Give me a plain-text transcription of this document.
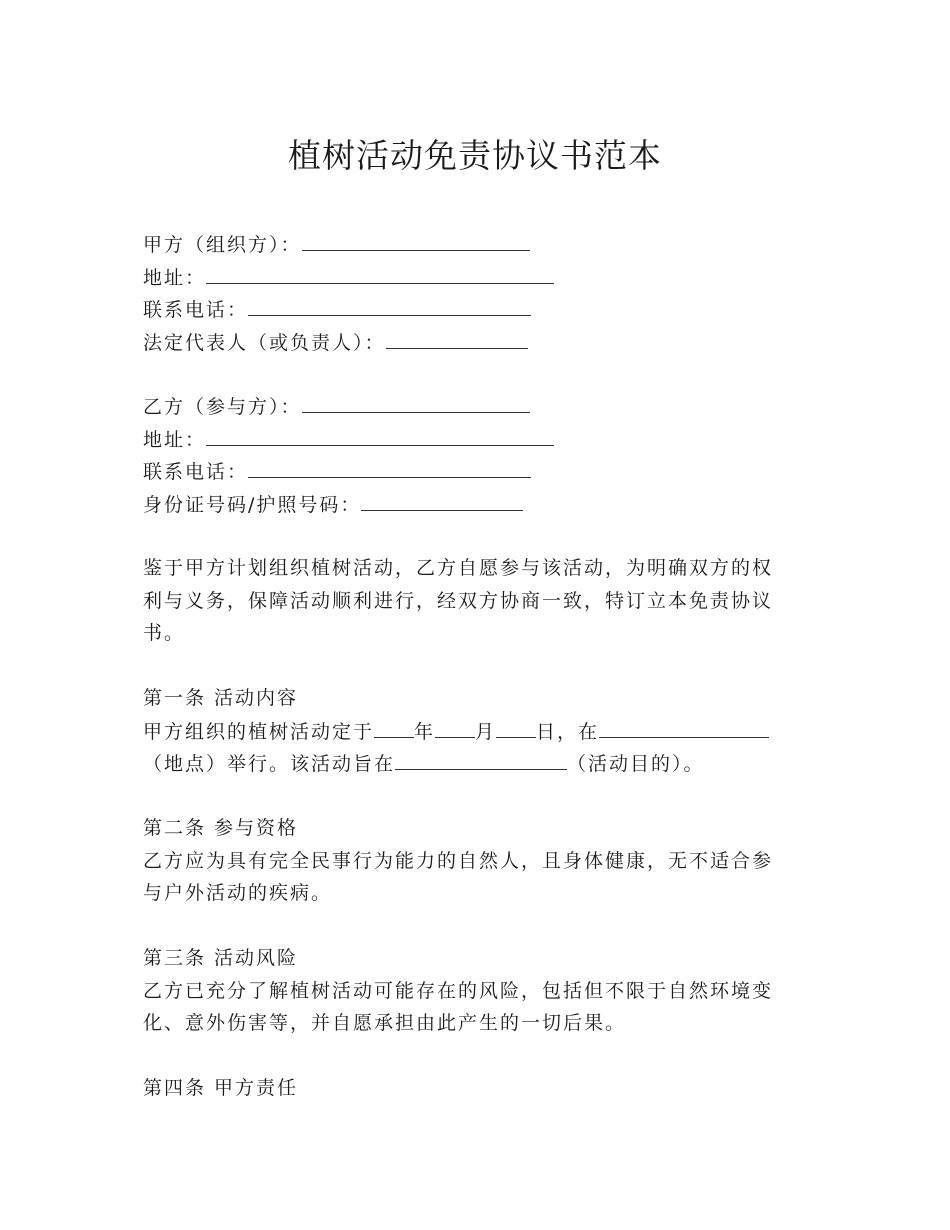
植树活动免责协议书范本
甲方（组织方）：
地址：
联系电话：
法定代表人（或负责人）：
乙方（参与方）：
地址：
联系电话：
身份证号码/护照号码：
鉴于甲方计划组织植树活动，乙方自愿参与该活动，为明确双方的权
利与义务，保障活动顺利进行，经双方协商一致，特订立本免责协议
书。
第一条 活动内容
甲方组织的植树活动定于 年 月 日，在
（地点）举行。该活动旨在	（活动目的）。
第二条 参与资格
乙方应为具有完全民事行为能力的自然人，且身体健康，无不适合参
与户外活动的疾病。
第三条 活动风险
乙方已充分了解植树活动可能存在的风险，包括但不限于自然环境变
化、意外伤害等，并自愿承担由此产生的一切后果。
第四条 甲方责任
